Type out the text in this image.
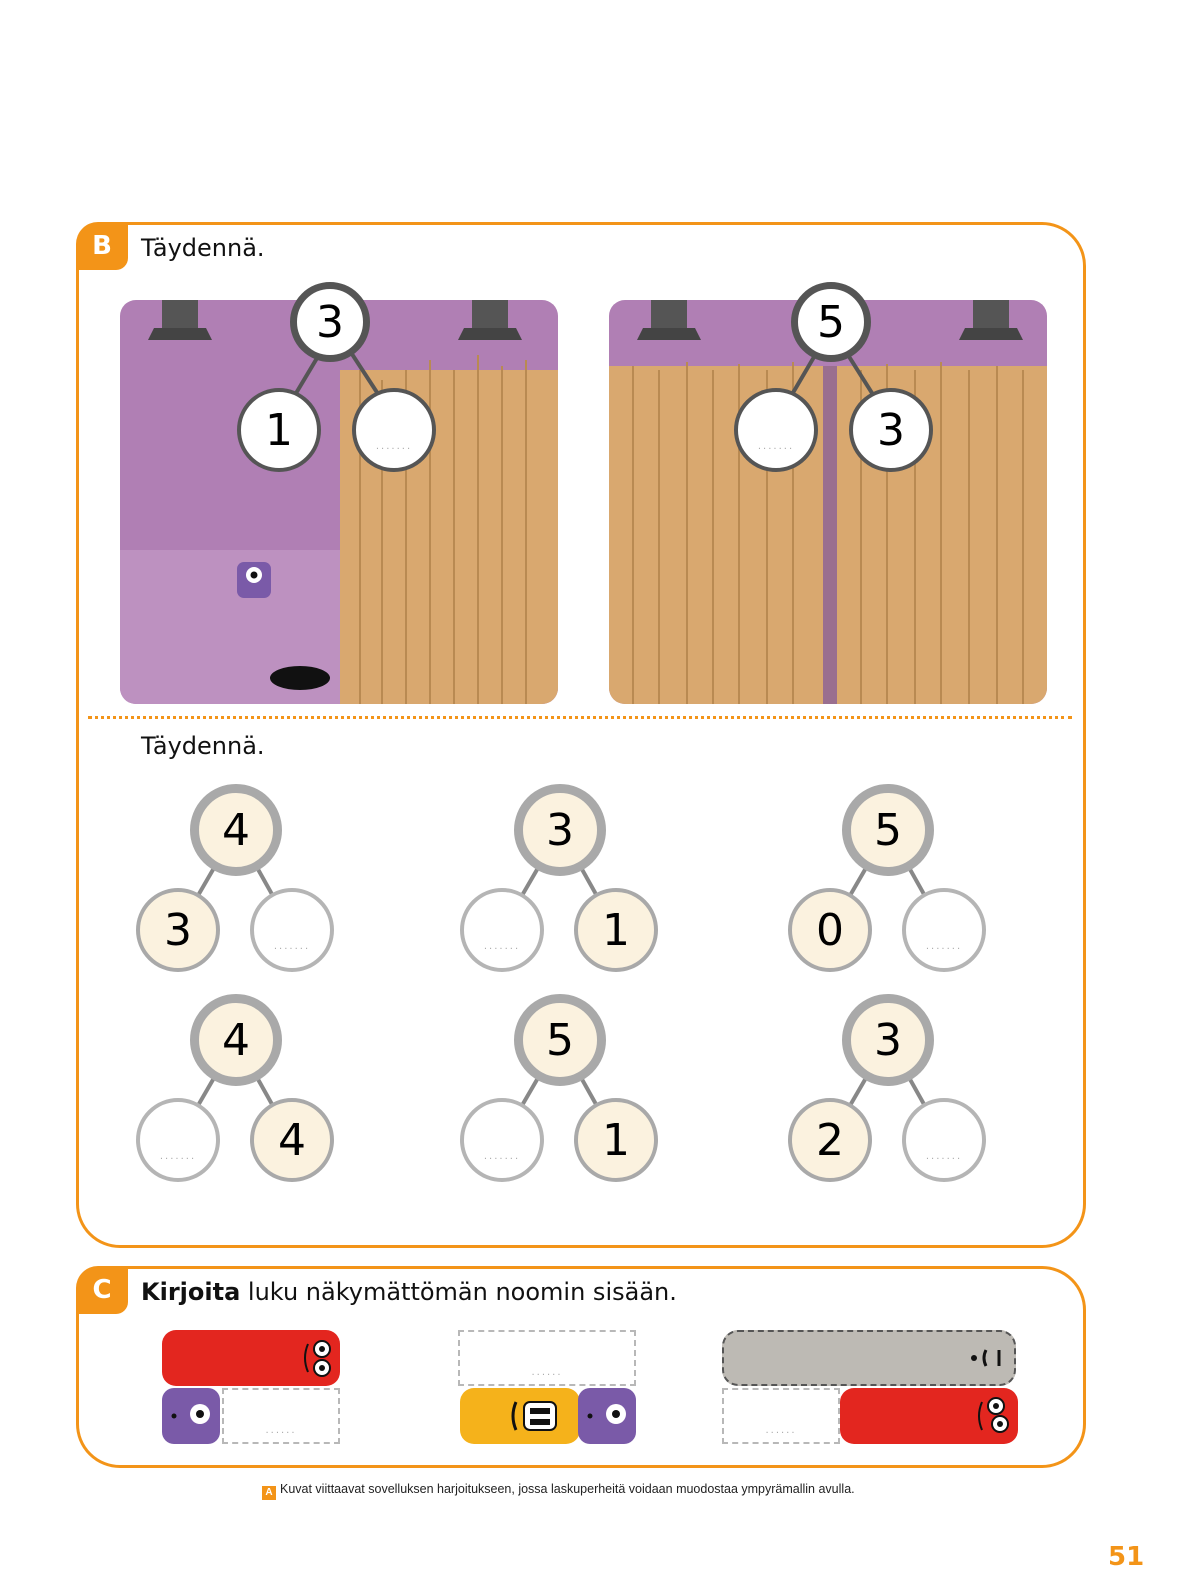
B	Täydennä.
3
1	.......
5
....... 3
Täydennä.
4
3	.......
3
....... 1
5
0	.......
4
....... 4
5
....... 1
3
2	.......
C	Kirjoita luku näkymättömän noomin sisään.
......
......
......
A Kuvat viittaavat sovelluksen harjoitukseen, jossa laskuperheitä voidaan muodostaa ympyrämallin avulla.
51
